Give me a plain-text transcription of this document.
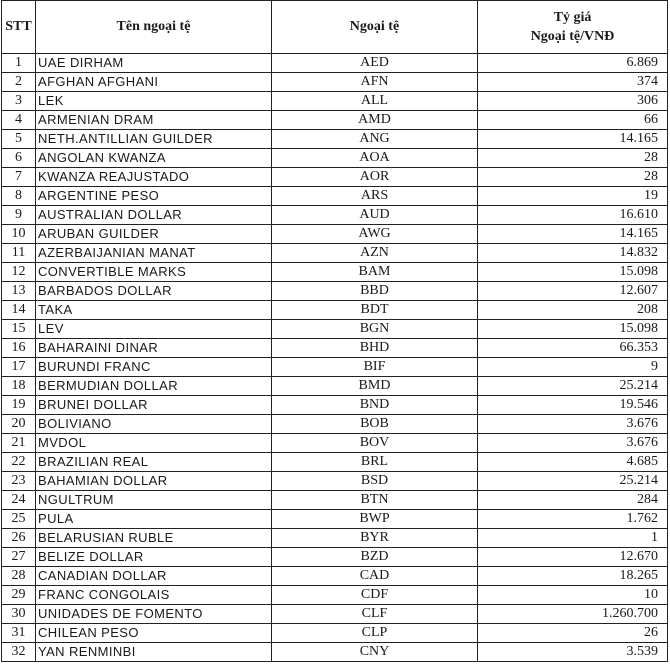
STT	Tên ngoại tệ	Ngoại tệ	Tỷ giá
Ngoại tệ/VNĐ

1	UAE DIRHAM	AED	6.869
2	AFGHAN AFGHANI	AFN	374
3	LEK	ALL	306
4	ARMENIAN DRAM	AMD	66
5	NETH.ANTILLIAN GUILDER	ANG	14.165
6	ANGOLAN KWANZA	AOA	28
7	KWANZA REAJUSTADO	AOR	28
8	ARGENTINE PESO	ARS	19
9	AUSTRALIAN DOLLAR	AUD	16.610
10	ARUBAN GUILDER	AWG	14.165
11	AZERBAIJANIAN MANAT	AZN	14.832
12	CONVERTIBLE MARKS	BAM	15.098
13	BARBADOS DOLLAR	BBD	12.607
14	TAKA	BDT	208
15	LEV	BGN	15.098
16	BAHARAINI DINAR	BHD	66.353
17	BURUNDI FRANC	BIF	9
18	BERMUDIAN DOLLAR	BMD	25.214
19	BRUNEI DOLLAR	BND	19.546
20	BOLIVIANO	BOB	3.676
21	MVDOL	BOV	3.676
22	BRAZILIAN REAL	BRL	4.685
23	BAHAMIAN DOLLAR	BSD	25.214
24	NGULTRUM	BTN	284
25	PULA	BWP	1.762
26	BELARUSIAN RUBLE	BYR	1
27	BELIZE DOLLAR	BZD	12.670
28	CANADIAN DOLLAR	CAD	18.265
29	FRANC CONGOLAIS	CDF	10
30	UNIDADES DE FOMENTO	CLF	1.260.700
31	CHILEAN PESO	CLP	26
32	YAN RENMINBI	CNY	3.539
